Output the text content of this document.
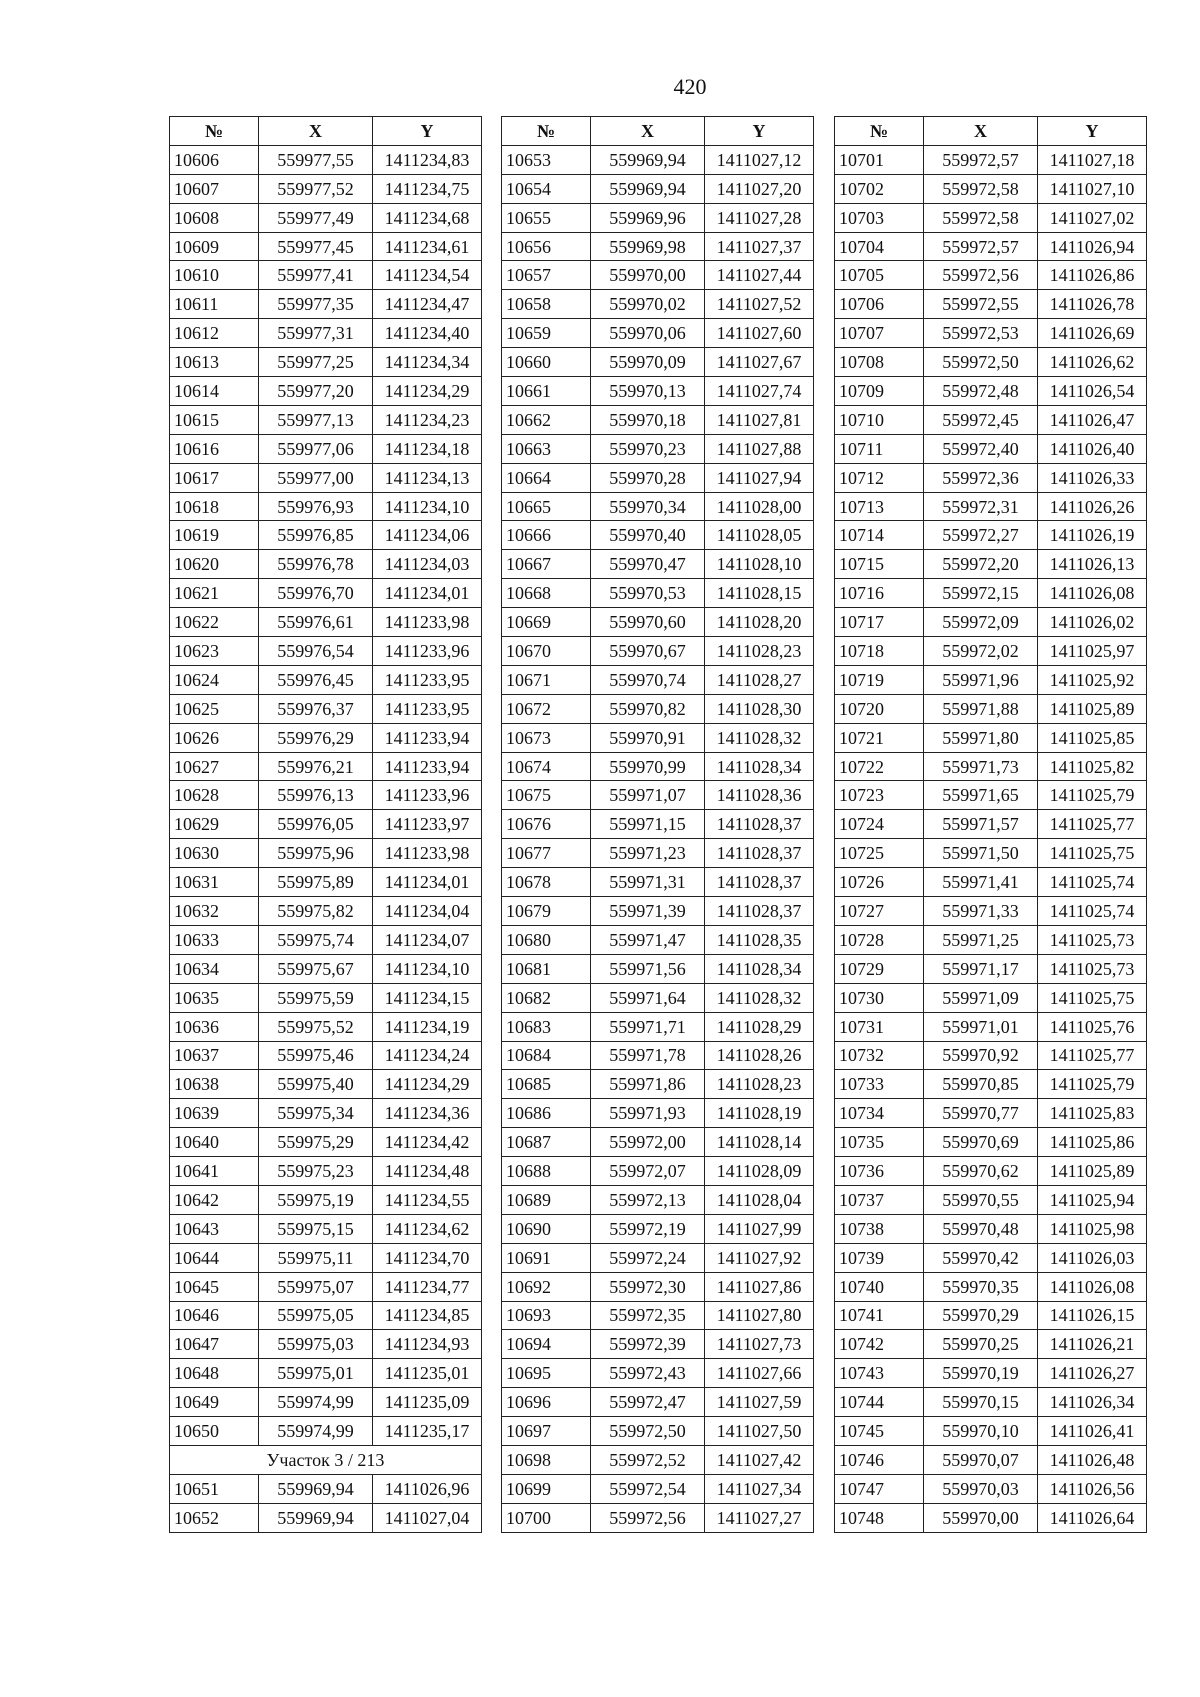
420
№	X	Y
10606	559977,55	1411234,83
10607	559977,52	1411234,75
10608	559977,49	1411234,68
10609	559977,45	1411234,61
10610	559977,41	1411234,54
10611	559977,35	1411234,47
10612	559977,31	1411234,40
10613	559977,25	1411234,34
10614	559977,20	1411234,29
10615	559977,13	1411234,23
10616	559977,06	1411234,18
10617	559977,00	1411234,13
10618	559976,93	1411234,10
10619	559976,85	1411234,06
10620	559976,78	1411234,03
10621	559976,70	1411234,01
10622	559976,61	1411233,98
10623	559976,54	1411233,96
10624	559976,45	1411233,95
10625	559976,37	1411233,95
10626	559976,29	1411233,94
10627	559976,21	1411233,94
10628	559976,13	1411233,96
10629	559976,05	1411233,97
10630	559975,96	1411233,98
10631	559975,89	1411234,01
10632	559975,82	1411234,04
10633	559975,74	1411234,07
10634	559975,67	1411234,10
10635	559975,59	1411234,15
10636	559975,52	1411234,19
10637	559975,46	1411234,24
10638	559975,40	1411234,29
10639	559975,34	1411234,36
10640	559975,29	1411234,42
10641	559975,23	1411234,48
10642	559975,19	1411234,55
10643	559975,15	1411234,62
10644	559975,11	1411234,70
10645	559975,07	1411234,77
10646	559975,05	1411234,85
10647	559975,03	1411234,93
10648	559975,01	1411235,01
10649	559974,99	1411235,09
10650	559974,99	1411235,17
Участок 3 / 213		
10651	559969,94	1411026,96
10652	559969,94	1411027,04
№	X	Y
10653	559969,94	1411027,12
10654	559969,94	1411027,20
10655	559969,96	1411027,28
10656	559969,98	1411027,37
10657	559970,00	1411027,44
10658	559970,02	1411027,52
10659	559970,06	1411027,60
10660	559970,09	1411027,67
10661	559970,13	1411027,74
10662	559970,18	1411027,81
10663	559970,23	1411027,88
10664	559970,28	1411027,94
10665	559970,34	1411028,00
10666	559970,40	1411028,05
10667	559970,47	1411028,10
10668	559970,53	1411028,15
10669	559970,60	1411028,20
10670	559970,67	1411028,23
10671	559970,74	1411028,27
10672	559970,82	1411028,30
10673	559970,91	1411028,32
10674	559970,99	1411028,34
10675	559971,07	1411028,36
10676	559971,15	1411028,37
10677	559971,23	1411028,37
10678	559971,31	1411028,37
10679	559971,39	1411028,37
10680	559971,47	1411028,35
10681	559971,56	1411028,34
10682	559971,64	1411028,32
10683	559971,71	1411028,29
10684	559971,78	1411028,26
10685	559971,86	1411028,23
10686	559971,93	1411028,19
10687	559972,00	1411028,14
10688	559972,07	1411028,09
10689	559972,13	1411028,04
10690	559972,19	1411027,99
10691	559972,24	1411027,92
10692	559972,30	1411027,86
10693	559972,35	1411027,80
10694	559972,39	1411027,73
10695	559972,43	1411027,66
10696	559972,47	1411027,59
10697	559972,50	1411027,50
10698	559972,52	1411027,42
10699	559972,54	1411027,34
10700	559972,56	1411027,27
№	X	Y
10701	559972,57	1411027,18
10702	559972,58	1411027,10
10703	559972,58	1411027,02
10704	559972,57	1411026,94
10705	559972,56	1411026,86
10706	559972,55	1411026,78
10707	559972,53	1411026,69
10708	559972,50	1411026,62
10709	559972,48	1411026,54
10710	559972,45	1411026,47
10711	559972,40	1411026,40
10712	559972,36	1411026,33
10713	559972,31	1411026,26
10714	559972,27	1411026,19
10715	559972,20	1411026,13
10716	559972,15	1411026,08
10717	559972,09	1411026,02
10718	559972,02	1411025,97
10719	559971,96	1411025,92
10720	559971,88	1411025,89
10721	559971,80	1411025,85
10722	559971,73	1411025,82
10723	559971,65	1411025,79
10724	559971,57	1411025,77
10725	559971,50	1411025,75
10726	559971,41	1411025,74
10727	559971,33	1411025,74
10728	559971,25	1411025,73
10729	559971,17	1411025,73
10730	559971,09	1411025,75
10731	559971,01	1411025,76
10732	559970,92	1411025,77
10733	559970,85	1411025,79
10734	559970,77	1411025,83
10735	559970,69	1411025,86
10736	559970,62	1411025,89
10737	559970,55	1411025,94
10738	559970,48	1411025,98
10739	559970,42	1411026,03
10740	559970,35	1411026,08
10741	559970,29	1411026,15
10742	559970,25	1411026,21
10743	559970,19	1411026,27
10744	559970,15	1411026,34
10745	559970,10	1411026,41
10746	559970,07	1411026,48
10747	559970,03	1411026,56
10748	559970,00	1411026,64
